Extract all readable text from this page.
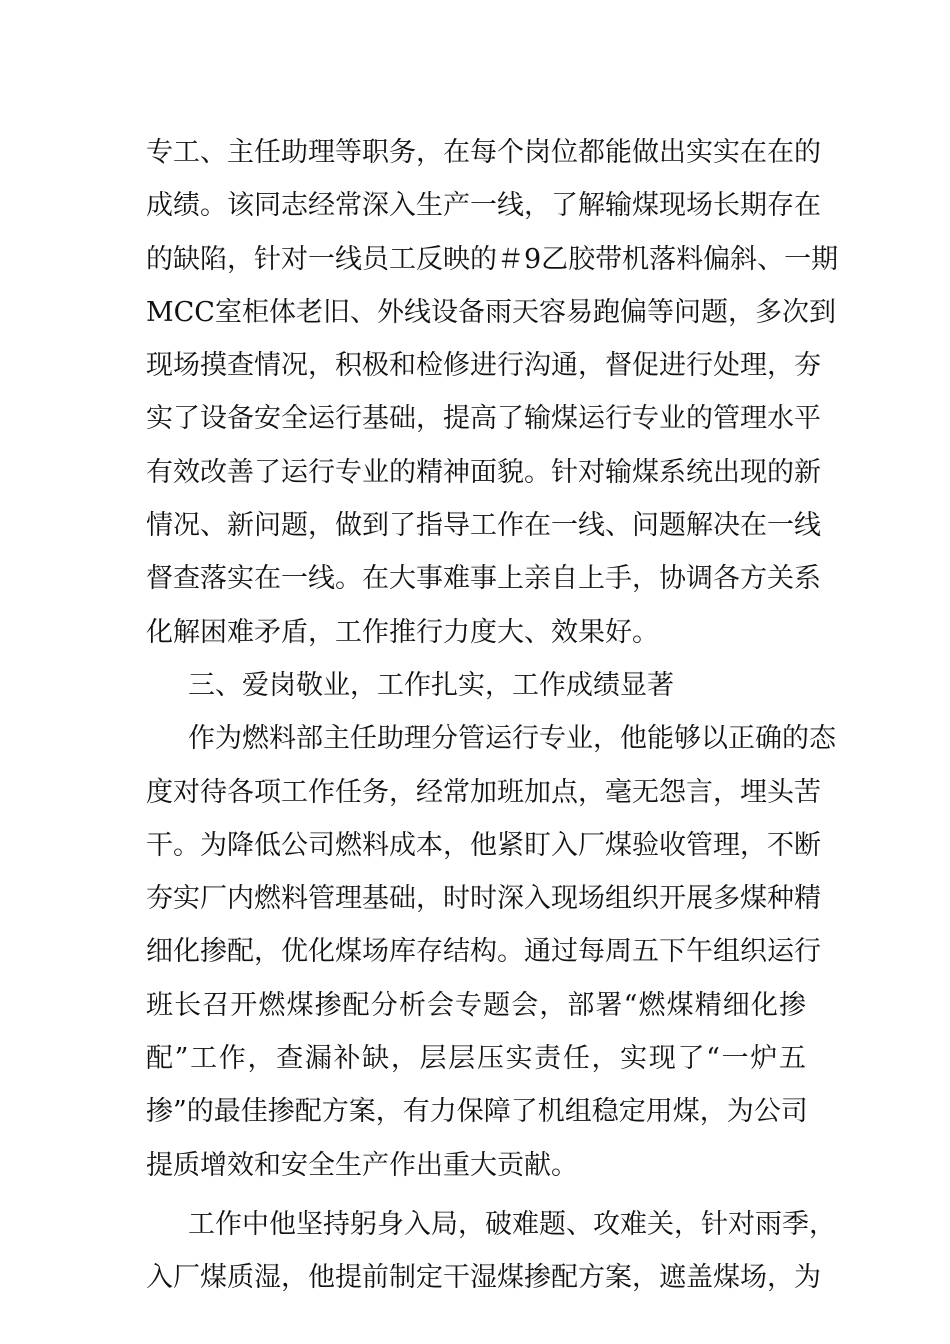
专工、主任助理等职务，在每个岗位都能做出实实在在的
成绩。该同志经常深入生产一线，了解输煤现场长期存在
的缺陷，针对一线员工反映的＃9乙胶带机落料偏斜、一期
MCC室柜体老旧、外线设备雨天容易跑偏等问题，多次到
现场摸查情况，积极和检修进行沟通，督促进行处理，夯
实了设备安全运行基础，提高了输煤运行专业的管理水平
有效改善了运行专业的精神面貌。针对输煤系统出现的新
情况、新问题，做到了指导工作在一线、问题解决在一线
督查落实在一线。在大事难事上亲自上手，协调各方关系
化解困难矛盾，工作推行力度大、效果好。
三、爱岗敬业，工作扎实，工作成绩显著
作为燃料部主任助理分管运行专业，他能够以正确的态
度对待各项工作任务，经常加班加点，毫无怨言，埋头苦
干。为降低公司燃料成本，他紧盯入厂煤验收管理，不断
夯实厂内燃料管理基础，时时深入现场组织开展多煤种精
细化掺配，优化煤场库存结构。通过每周五下午组织运行
班长召开燃煤掺配分析会专题会，部署“燃煤精细化掺
配”工作，查漏补缺，层层压实责任，实现了“一炉五
掺”的最佳掺配方案，有力保障了机组稳定用煤，为公司
提质增效和安全生产作出重大贡献。
工作中他坚持躬身入局，破难题、攻难关，针对雨季，
入厂煤质湿，他提前制定干湿煤掺配方案，遮盖煤场，为
